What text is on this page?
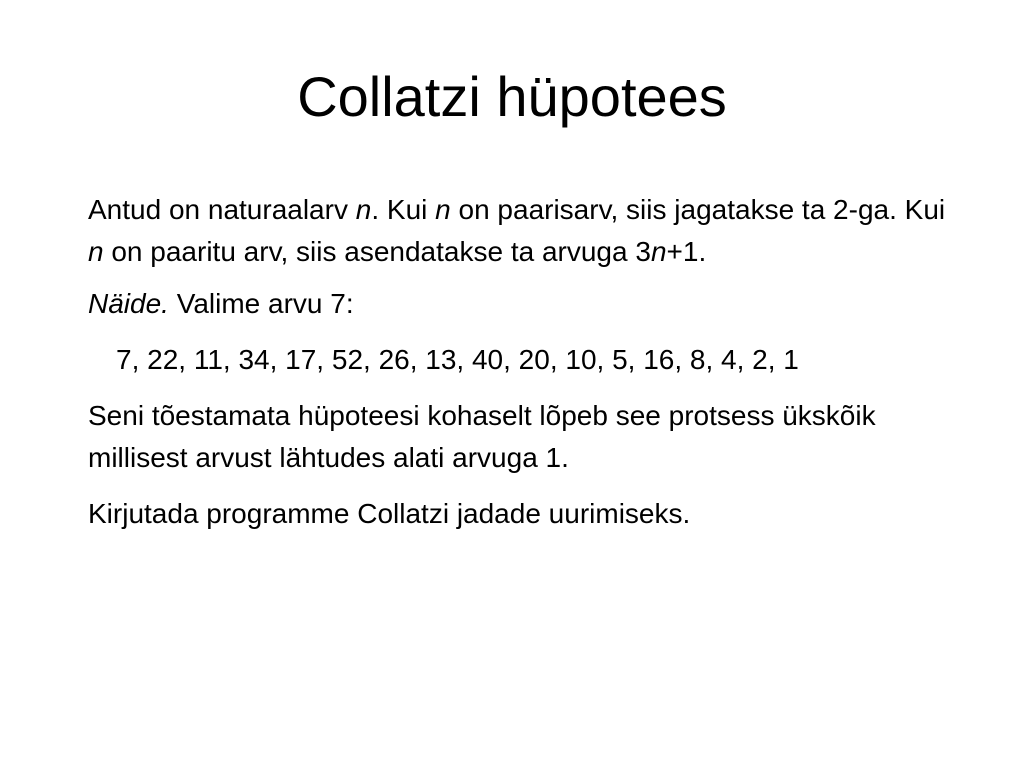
Collatzi hüpotees

Antud on naturaalarv n. Kui n on paarisarv, siis jagatakse ta 2-ga. Kui n on paaritu arv, siis asendatakse ta arvuga 3n+1.

Näide. Valime arvu 7:

7, 22, 11, 34, 17, 52, 26, 13, 40, 20, 10, 5, 16, 8, 4, 2, 1

Seni tõestamata hüpoteesi kohaselt lõpeb see protsess ükskõik millisest arvust lähtudes alati arvuga 1.

Kirjutada programme Collatzi jadade uurimiseks.
